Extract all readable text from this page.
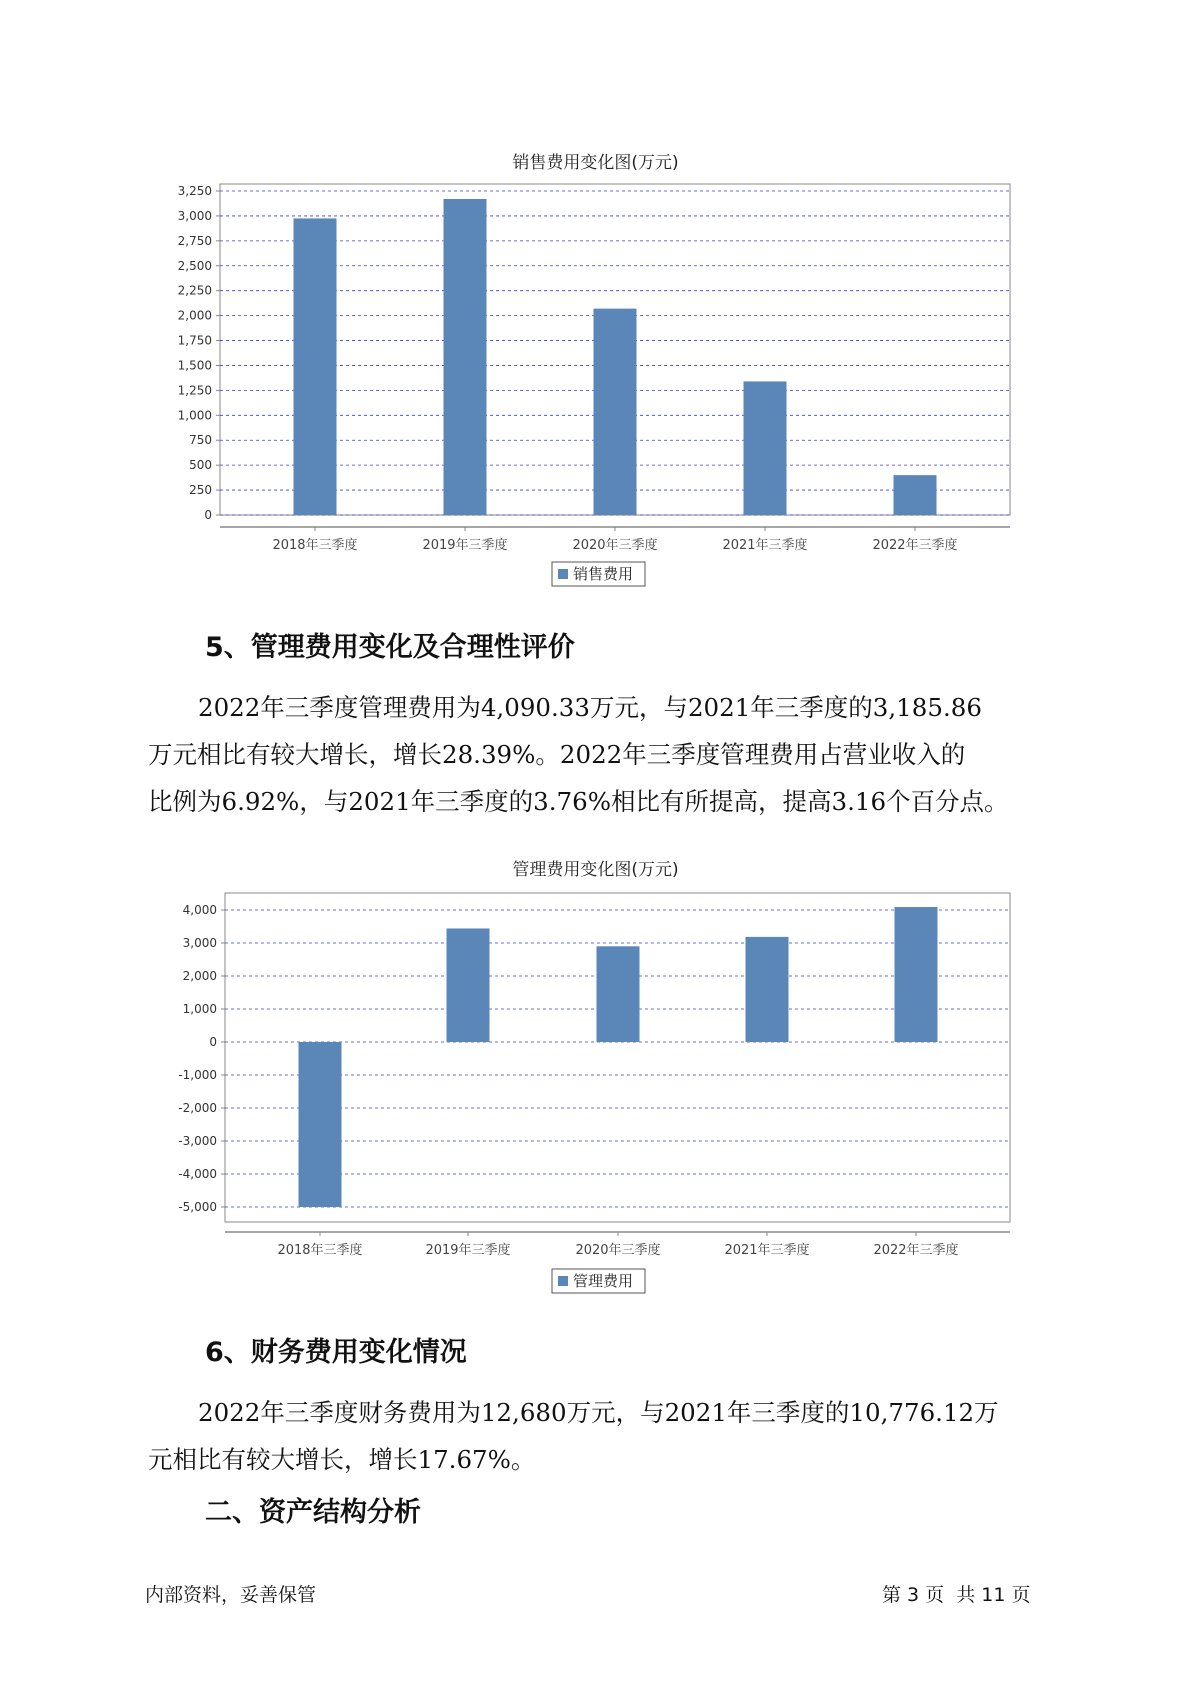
销售费用变化图(万元)
3,250
3,000
2,750
2,500
2,250
2,000
1,750
1,500
1,250
1,000
750
500
250
0
2018年三季度	2019年三季度	2020年三季度	2021年三季度	2022年三季度
销售费用
5、管理费用变化及合理性评价

2022年三季度管理费用为4,090.33万元，与2021年三季度的3,185.86
万元相比有较大增长，增长28.39%。2022年三季度管理费用占营业收入的
比例为6.92%，与2021年三季度的3.76%相比有所提高，提高3.16个百分点。

管理费用变化图(万元)
4,000
3,000
2,000
1,000
0
-1,000
-2,000
-3,000
-4,000
-5,000
2018年三季度	2019年三季度	2020年三季度	2021年三季度	2022年三季度
管理费用
6、财务费用变化情况

2022年三季度财务费用为12,680万元，与2021年三季度的10,776.12万
元相比有较大增长，增长17.67%。

二、资产结构分析
内部资料，妥善保管	第 3 页  共 11 页
